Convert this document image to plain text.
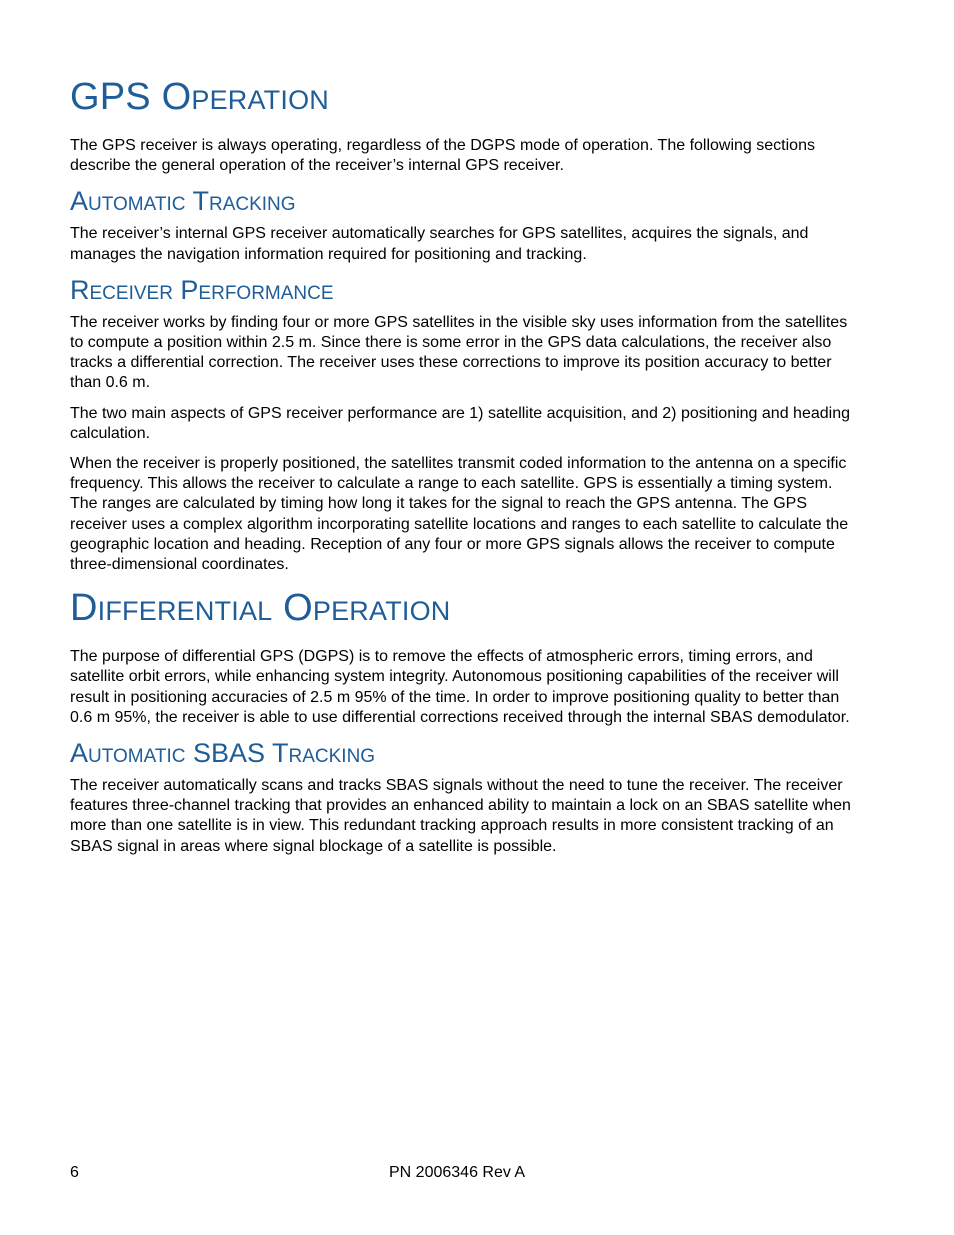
GPS Operation

The GPS receiver is always operating, regardless of the DGPS mode of operation. The following sections describe the general operation of the receiver’s internal GPS receiver.

Automatic Tracking

The receiver’s internal GPS receiver automatically searches for GPS satellites, acquires the signals, and manages the navigation information required for positioning and tracking.

Receiver Performance

The receiver works by finding four or more GPS satellites in the visible sky uses information from the satellites to compute a position within 2.5 m. Since there is some error in the GPS data calculations, the receiver also tracks a differential correction. The receiver uses these corrections to improve its position accuracy to better than 0.6 m.

The two main aspects of GPS receiver performance are 1) satellite acquisition, and 2) positioning and heading calculation.

When the receiver is properly positioned, the satellites transmit coded information to the antenna on a specific frequency. This allows the receiver to calculate a range to each satellite. GPS is essentially a timing system. The ranges are calculated by timing how long it takes for the signal to reach the GPS antenna. The GPS receiver uses a complex algorithm incorporating satellite locations and ranges to each satellite to calculate the geographic location and heading. Reception of any four or more GPS signals allows the receiver to compute three-dimensional coordinates.

Differential Operation

The purpose of differential GPS (DGPS) is to remove the effects of atmospheric errors, timing errors, and satellite orbit errors, while enhancing system integrity. Autonomous positioning capabilities of the receiver will result in positioning accuracies of 2.5 m 95% of the time. In order to improve positioning quality to better than 0.6 m 95%, the receiver is able to use differential corrections received through the internal SBAS demodulator.

Automatic SBAS Tracking

The receiver automatically scans and tracks SBAS signals without the need to tune the receiver. The receiver features three-channel tracking that provides an enhanced ability to maintain a lock on an SBAS satellite when more than one satellite is in view. This redundant tracking approach results in more consistent tracking of an SBAS signal in areas where signal blockage of a satellite is possible.

6	PN 2006346 Rev A
